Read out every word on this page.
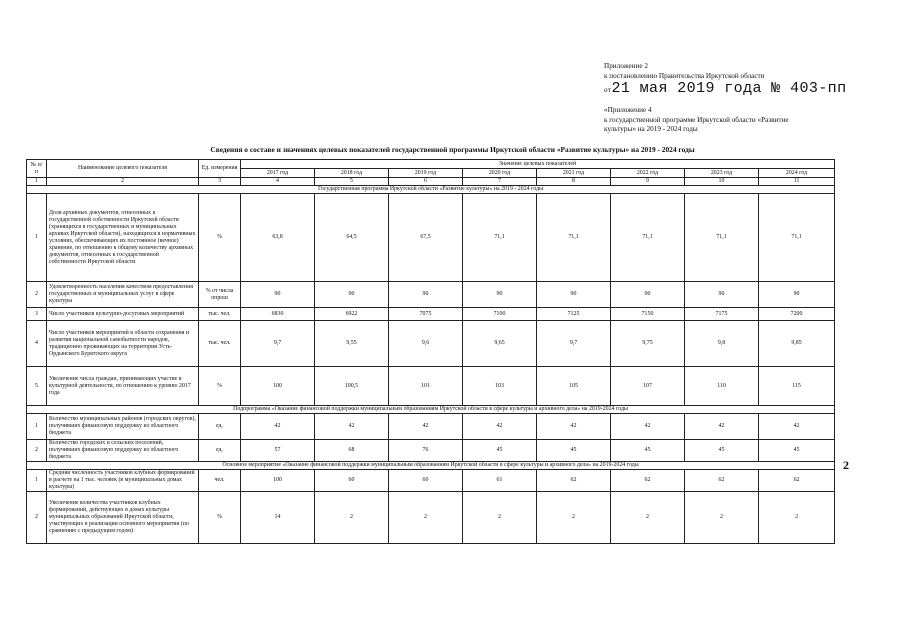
Приложение 2
к постановлению Правительства Иркутской области
от21 мая 2019 года № 403-пп
«Приложение 4
к государственной программе Иркутской области «Развитие
культуры» на 2019 - 2024 годы
Сведения о составе и значениях целевых показателей государственной программы Иркутской области «Развитие культуры» на 2019 - 2024 годы
2
№ п/п	Наименование целевого показателя	Ед. измерения	Значение целевых показателей							
			2017 год	2018 год	2019 год	2020 год	2021 год	2022 год	2023 год	2024 год
1	2	3	4	5	6	7	8	9	10	11
Государственная программа Иркутской области «Развитие культуры» на 2019 - 2024 годы										
1	Доля архивных документов, отнесенных к государственной собственности Иркутской области (хранящихся в государственных и муниципальных архивах Иркутской области), находящихся в нормативных условиях, обеспечивающих их постоянное (вечное) хранение, по отношению к общему количеству архивных документов, отнесенных к государственной собственности Иркутской области	%	63,8	64,5	67,5	71,1	71,1	71,1	71,1	71,1
2	Удовлетворенность населения качеством предоставления государственных и муниципальных услуг в сфере культуры	% от числа опрош	90	90	90	90	90	90	90	90
3	Число участников культурно-досуговых мероприятий	тыс. чел.	6830	6922	7075	7100	7125	7150	7175	7200
4	Число участников мероприятий в области сохранения и развития национальной самобытности народов, традиционно проживающих на территории Усть-Ордынского Бурятского округа	тыс. чел.	9,7	9,55	9,6	9,65	9,7	9,75	9,8	9,85
5	Увеличение числа граждан, принимающих участие в культурной деятельности, по отношению к уровню 2017 года	%	100	100,5	101	103	105	107	110	115
Подпрограмма «Оказание финансовой поддержки муниципальным образованиям Иркутской области в сфере культуры и архивного дела» на 2019-2024 годы										
1	Количество муниципальных районов (городских округов), получивших финансовую поддержку из областного бюджета	ед.	42	42	42	42	42	42	42	42
2	Количество городских и сельских поселений, получивших финансовую поддержку из областного бюджета	ед.	57	68	76	45	45	45	45	45
Основное мероприятие «Оказание финансовой поддержки муниципальным образованиям Иркутской области в сфере культуры и архивного дела» на 2019-2024 годы										
1	Средняя численность участников клубных формирований в расчете на 1 тыс. человек (в муниципальных домах культуры)	чел.	100	60	60	61	62	62	62	62
2	Увеличение количества участников клубных формирований, действующих в домах культуры муниципальных образований Иркутской области, участвующих в реализации основного мероприятия (по сравнению с предыдущим годом)	%	14	2	2	2	2	2	2	2
